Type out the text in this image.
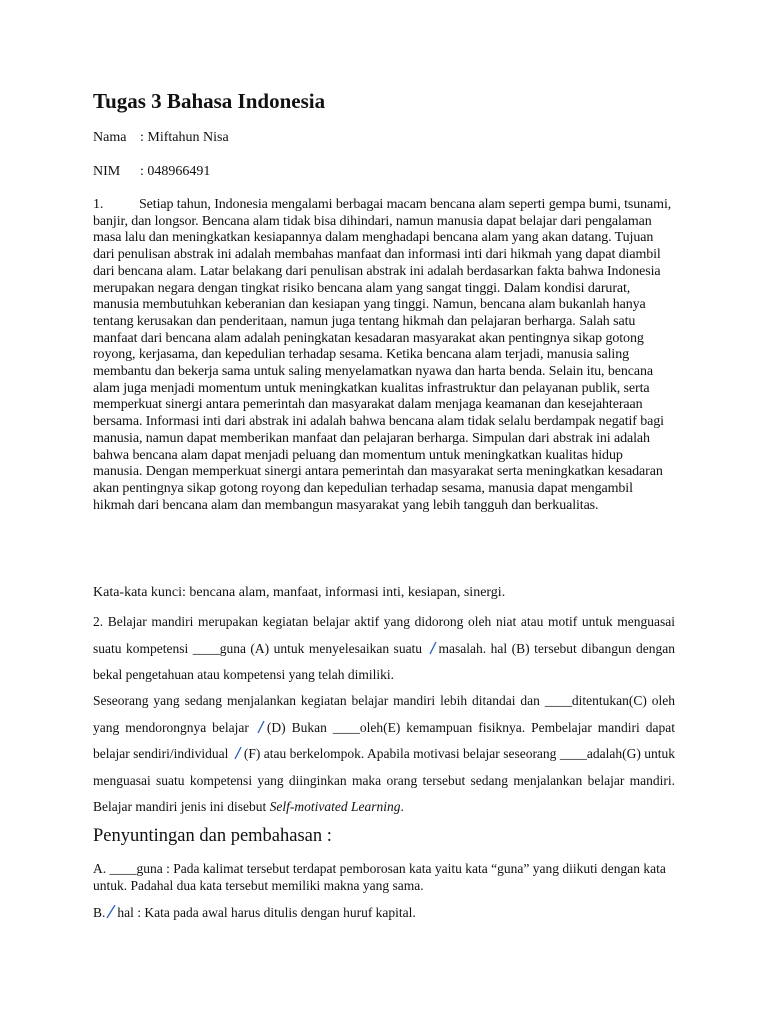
Tugas 3 Bahasa Indonesia
Nama : Miftahun Nisa
NIM : 048966491

1.	Setiap tahun, Indonesia mengalami berbagai macam bencana alam seperti gempa bumi, tsunami, banjir, dan longsor. Bencana alam tidak bisa dihindari, namun manusia dapat belajar dari pengalaman masa lalu dan meningkatkan kesiapannya dalam menghadapi bencana alam yang akan datang. Tujuan dari penulisan abstrak ini adalah membahas manfaat dan informasi inti dari hikmah yang dapat diambil dari bencana alam. Latar belakang dari penulisan abstrak ini adalah berdasarkan fakta bahwa Indonesia merupakan negara dengan tingkat risiko bencana alam yang sangat tinggi. Dalam kondisi darurat, manusia membutuhkan keberanian dan kesiapan yang tinggi. Namun, bencana alam bukanlah hanya tentang kerusakan dan penderitaan, namun juga tentang hikmah dan pelajaran berharga. Salah satu manfaat dari bencana alam adalah peningkatan kesadaran masyarakat akan pentingnya sikap gotong royong, kerjasama, dan kepedulian terhadap sesama. Ketika bencana alam terjadi, manusia saling membantu dan bekerja sama untuk saling menyelamatkan nyawa dan harta benda. Selain itu, bencana alam juga menjadi momentum untuk meningkatkan kualitas infrastruktur dan pelayanan publik, serta memperkuat sinergi antara pemerintah dan masyarakat dalam menjaga keamanan dan kesejahteraan bersama. Informasi inti dari abstrak ini adalah bahwa bencana alam tidak selalu berdampak negatif bagi manusia, namun dapat memberikan manfaat dan pelajaran berharga. Simpulan dari abstrak ini adalah bahwa bencana alam dapat menjadi peluang dan momentum untuk meningkatkan kualitas hidup manusia. Dengan memperkuat sinergi antara pemerintah dan masyarakat serta meningkatkan kesadaran akan pentingnya sikap gotong royong dan kepedulian terhadap sesama, manusia dapat mengambil hikmah dari bencana alam dan membangun masyarakat yang lebih tangguh dan berkualitas.

Kata-kata kunci: bencana alam, manfaat, informasi inti, kesiapan, sinergi.

2. Belajar mandiri merupakan kegiatan belajar aktif yang didorong oleh niat atau motif untuk menguasai suatu kompetensi ____guna (A) untuk menyelesaikan suatu masalah. hal (B) tersebut dibangun dengan bekal pengetahuan atau kompetensi yang telah dimiliki.

Seseorang yang sedang menjalankan kegiatan belajar mandiri lebih ditandai dan ____ditentukan(C) oleh yang mendorongnya belajar (D) Bukan ____oleh(E) kemampuan fisiknya. Pembelajar mandiri dapat belajar sendiri/individual (F) atau berkelompok. Apabila motivasi belajar seseorang ____adalah(G) untuk menguasai suatu kompetensi yang diinginkan maka orang tersebut sedang menjalankan belajar mandiri. Belajar mandiri jenis ini disebut Self-motivated Learning.

Penyuntingan dan pembahasan :

A. ____guna : Pada kalimat tersebut terdapat pemborosan kata yaitu kata “guna” yang diikuti dengan kata untuk. Padahal dua kata tersebut memiliki makna yang sama.

B. hal : Kata pada awal harus ditulis dengan huruf kapital.
